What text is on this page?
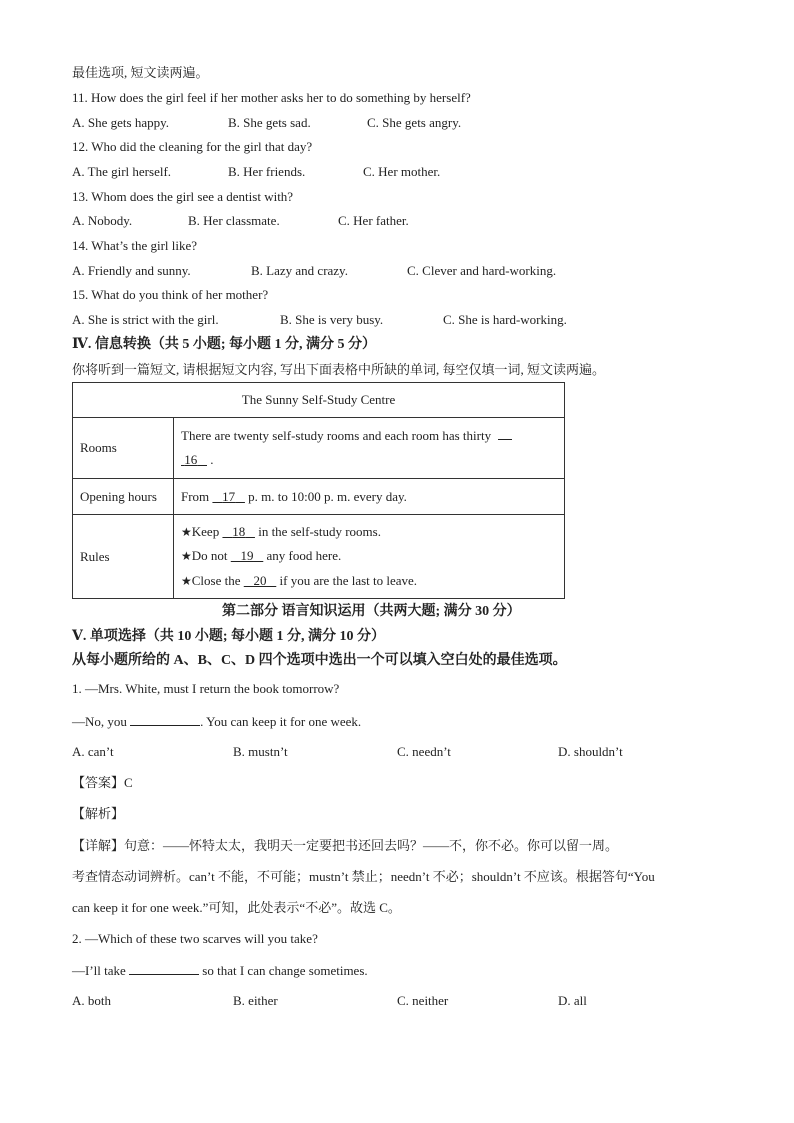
最佳选项, 短文读两遍。
11. How does the girl feel if her mother asks her to do something by herself?
A. She gets happy.	B. She gets sad.	C. She gets angry.
12. Who did the cleaning for the girl that day?
A. The girl herself.	B. Her friends.	C. Her mother.
13. Whom does the girl see a dentist with?
A. Nobody.	B. Her classmate.	C. Her father.
14. What’s the girl like?
A. Friendly and sunny.	B. Lazy and crazy.	C. Clever and hard-working.
15. What do you think of her mother?
A. She is strict with the girl.	B. She is very busy.	C. She is hard-working.
Ⅳ. 信息转换（共 5 小题; 每小题 1 分, 满分 5 分）
你将听到一篇短文, 请根据短文内容, 写出下面表格中所缺的单词, 每空仅填一词, 短文读两遍。
The Sunny Self-Study Centre	
Rooms	There are twenty self-study rooms and each room has thirty
16    .
Opening hours	From 17 p. m. to 10:00 p. m. every day.
Rules	★Keep 18 in the self-study rooms.
★Do not 19 any food here.
★Close the 20 if you are the last to leave.
第二部分 语言知识运用（共两大题; 满分 30 分）
Ⅴ. 单项选择（共 10 小题; 每小题 1 分, 满分 10 分）
从每小题所给的 A、B、C、D 四个选项中选出一个可以填入空白处的最佳选项。
1. —Mrs. White, must I return the book tomorrow?
—No, you	. You can keep it for one week.
A. can’t	B. mustn’t	C. needn’t	D. shouldn’t
【答案】C
【解析】
【详解】句意：——怀特太太，我明天一定要把书还回去吗？——不，你不必。你可以留一周。
考查情态动词辨析。can’t 不能，不可能；mustn’t 禁止；needn’t 不必；shouldn’t 不应该。根据答句“You
can keep it for one week.”可知，此处表示“不必”。故选 C。
2. —Which of these two scarves will you take?
—I’ll take	so that I can change sometimes.
A. both	B. either	C. neither	D. all
